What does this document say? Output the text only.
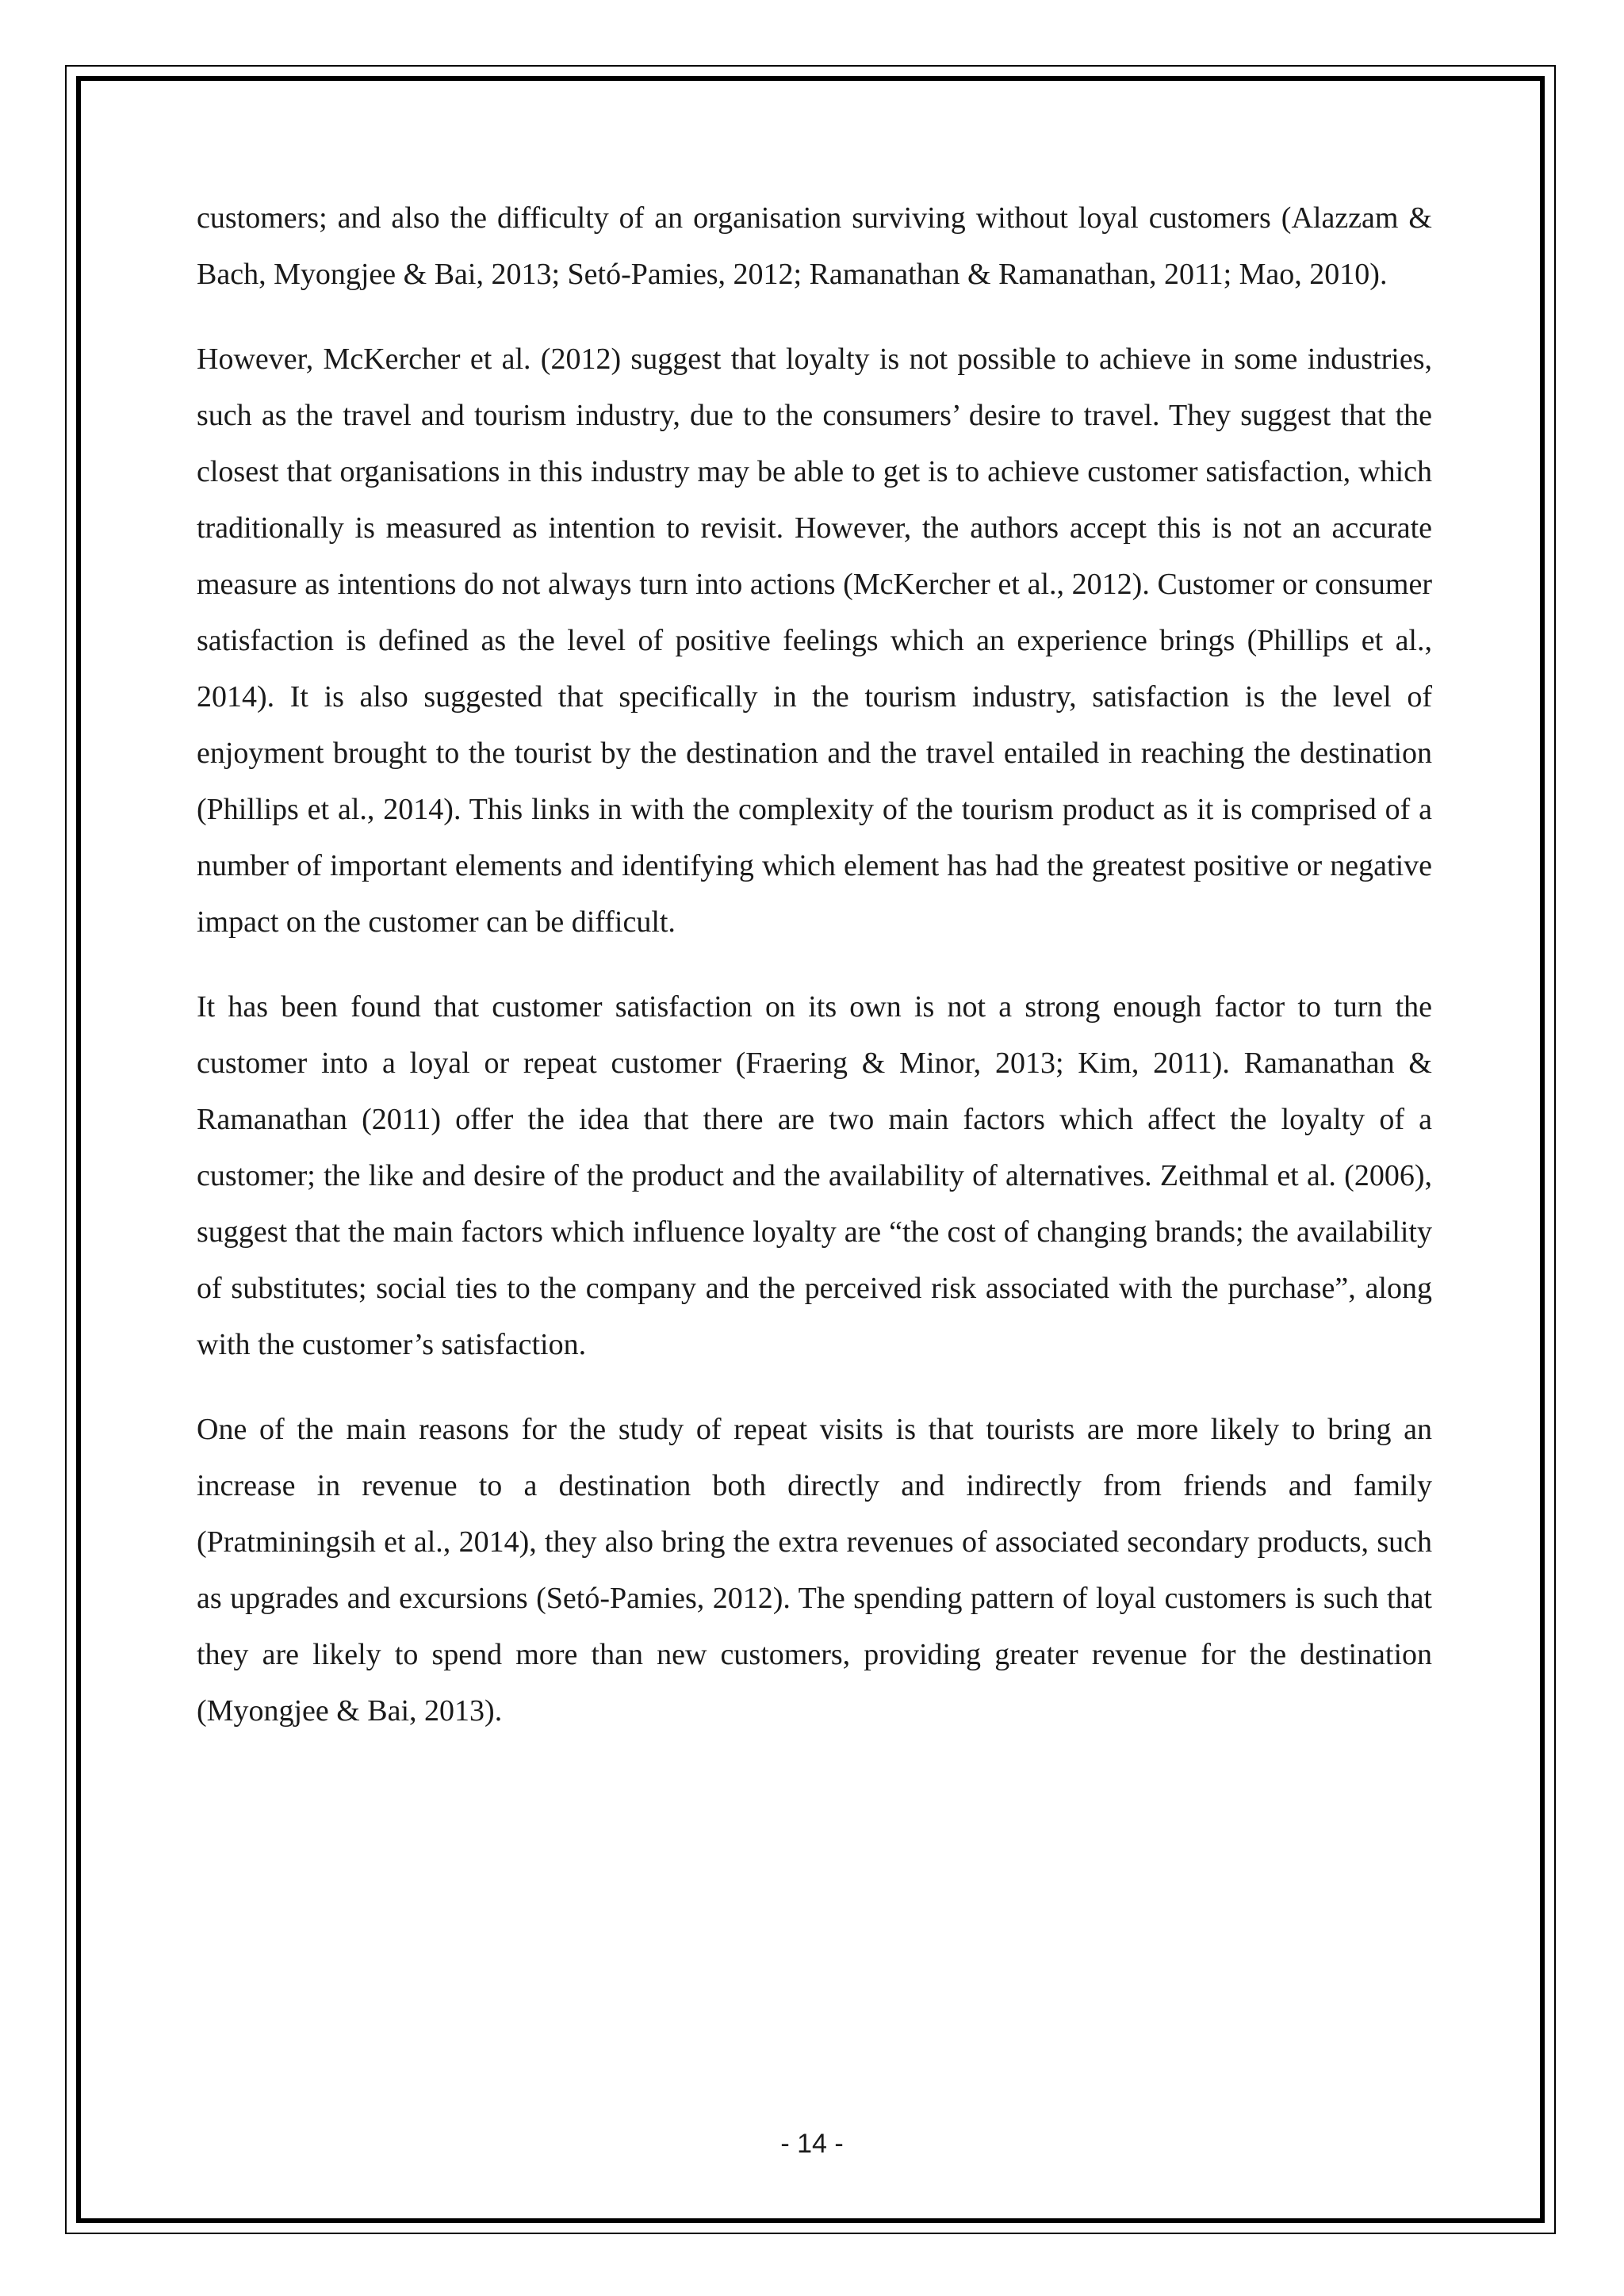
customers; and also the difficulty of an organisation surviving without loyal customers (Alazzam & Bach, Myongjee & Bai, 2013; Setó-Pamies, 2012; Ramanathan & Ramanathan, 2011; Mao, 2010).

However, McKercher et al. (2012) suggest that loyalty is not possible to achieve in some industries, such as the travel and tourism industry, due to the consumers’ desire to travel. They suggest that the closest that organisations in this industry may be able to get is to achieve customer satisfaction, which traditionally is measured as intention to revisit. However, the authors accept this is not an accurate measure as intentions do not always turn into actions (McKercher et al., 2012). Customer or consumer satisfaction is defined as the level of positive feelings which an experience brings (Phillips et al., 2014). It is also suggested that specifically in the tourism industry, satisfaction is the level of enjoyment brought to the tourist by the destination and the travel entailed in reaching the destination (Phillips et al., 2014). This links in with the complexity of the tourism product as it is comprised of a number of important elements and identifying which element has had the greatest positive or negative impact on the customer can be difficult.

It has been found that customer satisfaction on its own is not a strong enough factor to turn the customer into a loyal or repeat customer (Fraering & Minor, 2013; Kim, 2011). Ramanathan & Ramanathan (2011) offer the idea that there are two main factors which affect the loyalty of a customer; the like and desire of the product and the availability of alternatives. Zeithmal et al. (2006), suggest that the main factors which influence loyalty are “the cost of changing brands; the availability of substitutes; social ties to the company and the perceived risk associated with the purchase”, along with the customer’s satisfaction.

One of the main reasons for the study of repeat visits is that tourists are more likely to bring an increase in revenue to a destination both directly and indirectly from friends and family (Pratminingsih et al., 2014), they also bring the extra revenues of associated secondary products, such as upgrades and excursions (Setó-Pamies, 2012). The spending pattern of loyal customers is such that they are likely to spend more than new customers, providing greater revenue for the destination (Myongjee & Bai, 2013).

- 14 -
